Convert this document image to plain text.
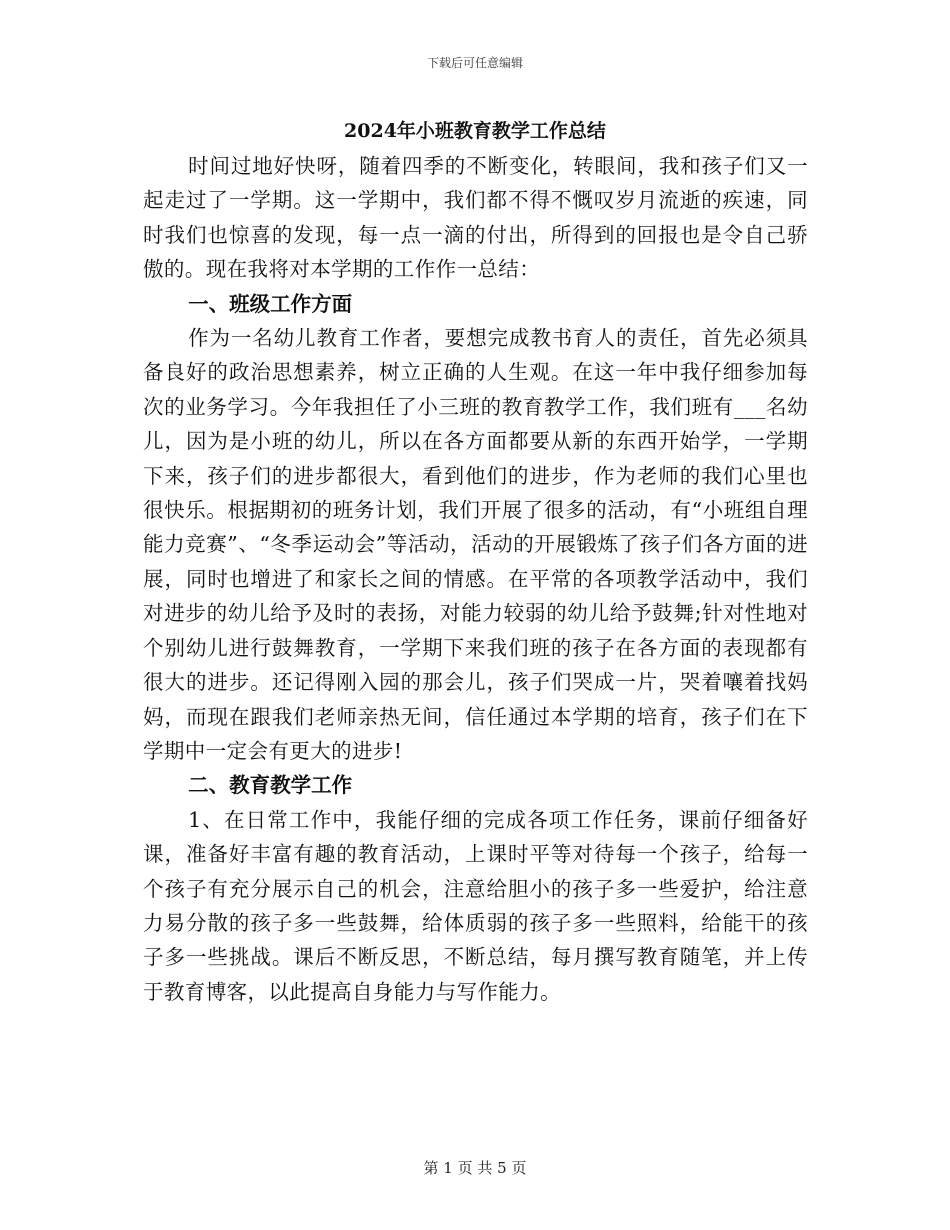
下载后可任意编辑
2024年小班教育教学工作总结

时间过地好快呀，随着四季的不断变化，转眼间，我和孩子们又一起走过了一学期。这一学期中，我们都不得不慨叹岁月流逝的疾速，同时我们也惊喜的发现，每一点一滴的付出，所得到的回报也是令自己骄傲的。现在我将对本学期的工作作一总结：

一、班级工作方面

作为一名幼儿教育工作者，要想完成教书育人的责任，首先必须具备良好的政治思想素养，树立正确的人生观。在这一年中我仔细参加每次的业务学习。今年我担任了小三班的教育教学工作，我们班有___名幼儿，因为是小班的幼儿，所以在各方面都要从新的东西开始学，一学期下来，孩子们的进步都很大，看到他们的进步，作为老师的我们心里也很快乐。根据期初的班务计划，我们开展了很多的活动，有“小班组自理能力竞赛”、“冬季运动会”等活动，活动的开展锻炼了孩子们各方面的进展，同时也增进了和家长之间的情感。在平常的各项教学活动中，我们对进步的幼儿给予及时的表扬，对能力较弱的幼儿给予鼓舞;针对性地对个别幼儿进行鼓舞教育，一学期下来我们班的孩子在各方面的表现都有很大的进步。还记得刚入园的那会儿，孩子们哭成一片，哭着嚷着找妈妈，而现在跟我们老师亲热无间，信任通过本学期的培育，孩子们在下学期中一定会有更大的进步!

二、教育教学工作

1、在日常工作中，我能仔细的完成各项工作任务，课前仔细备好课，准备好丰富有趣的教育活动，上课时平等对待每一个孩子，给每一个孩子有充分展示自己的机会，注意给胆小的孩子多一些爱护，给注意力易分散的孩子多一些鼓舞，给体质弱的孩子多一些照料，给能干的孩子多一些挑战。课后不断反思，不断总结，每月撰写教育随笔，并上传于教育博客，以此提高自身能力与写作能力。

第 1 页 共 5 页
